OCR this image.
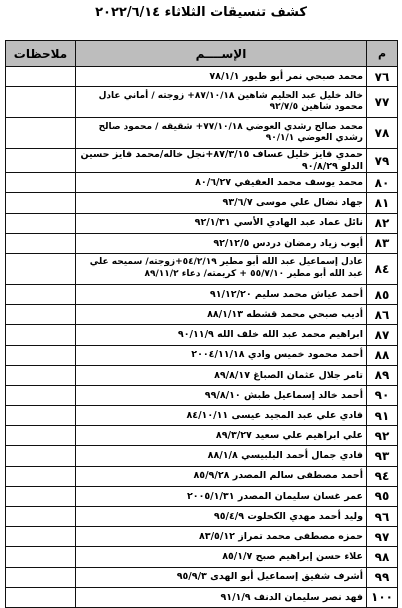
كشف تنسيقات الثلاثاء ٢٠٢٢/٦/١٤
م	الإســــم	ملاحظات
٧٦	محمد صبحي نمر أبو طيور ٧٨/١/١	
٧٧	خالد خليل عبد الحليم شاهين ٨٧/١٠/١٨+ زوجته / أماني عادل محمود شاهين ٩٢/٧/٥	
٧٨	محمد صالح رشدي العوضي ٧٧/١٠/١٨+ شقيقه / محمود صالح رشدي العوضي ٩٠/١/١	
٧٩	حمدي فايز خليل عساف ٨٧/٣/١٥+نجل خاله/محمد فايز حسين الدلو ٩٠/٨/٢٩	
٨٠	محمد يوسف محمد العفيفي ٨٠/٦/٢٧	
٨١	جهاد نضال علي موسى ٩٣/٦/٧	
٨٢	نائل عماد عبد الهادي الأسي ٩٢/١/٣١	
٨٣	أيوب زياد رمضان دردس ٩٢/١٢/٥	
٨٤	عادل إسماعيل عبد الله أبو مطير ٥٤/٢/١٩+زوجته/ سميحه علي عبد الله أبو مطير ٥٥/٧/١٠ + كريمته/ دعاء ٨٩/١١/٢	
٨٥	أحمد عياش محمد سليم ٩١/١٢/٢٠	
٨٦	أديب صبحي محمد قشطه ٨٨/١/١٣	
٨٧	ابراهيم محمد عبد الله خلف الله ٩٠/١١/٩	
٨٨	أحمد محمود خميس وادي ٢٠٠٤/١١/١٨	
٨٩	تامر جلال عثمان الصباغ ٨٩/٨/١٧	
٩٠	أحمد خالد إسماعيل طبش ٩٩/٨/١٠	
٩١	فادي علي عبد المجيد عيسى ٨٤/١٠/١١	
٩٢	علي ابراهيم علي سعيد ٨٩/٣/٢٧	
٩٣	فادي جمال أحمد البلبيسي ٨٨/١/٨	
٩٤	أحمد مصطفى سالم المصدر ٨٥/٩/٢٨	
٩٥	عمر غسان سليمان المصدر ٢٠٠٥/١/٣١	
٩٦	وليد أحمد مهدي الكحلوت ٩٥/٤/٩	
٩٧	حمزه مصطفى محمد تمراز ٨٣/٥/١٢	
٩٨	علاء حسن إبراهيم صبح ٨٥/١/٧	
٩٩	أشرف شفيق إسماعيل أبو الهدى ٩٥/٩/٣	
١٠٠	فهد نصر سليمان الدنف ٩١/١/٩	
